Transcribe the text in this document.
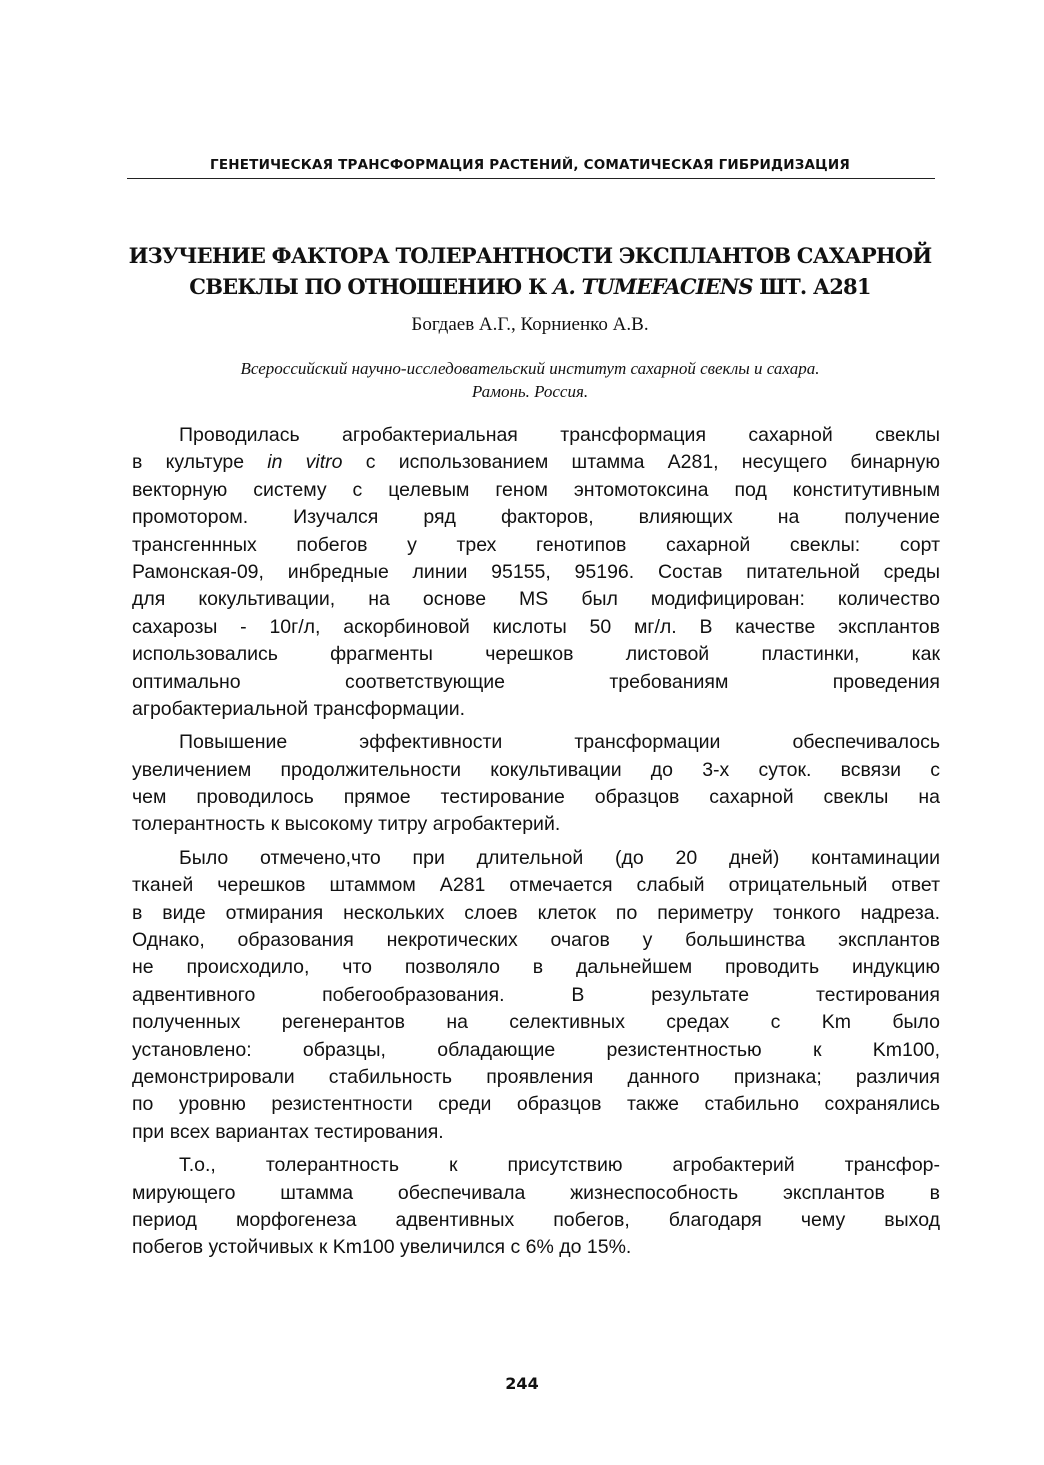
ГЕНЕТИЧЕСКАЯ ТРАНСФОРМАЦИЯ РАСТЕНИЙ, СОМАТИЧЕСКАЯ ГИБРИДИЗАЦИЯ
ИЗУЧЕНИЕ ФАКТОРА ТОЛЕРАНТНОСТИ ЭКСПЛАНТОВ САХАРНОЙ
СВЕКЛЫ ПО ОТНОШЕНИЮ К A. TUMEFACIENS ШТ. А281
Богдаев А.Г., Корниенко А.В.
Всероссийский научно-исследовательский институт сахарной свеклы и сахара.
Рамонь. Россия.
Проводилась агробактериальная трансформация сахарной свеклы
в культуре in vitro с использованием штамма А281, несущего бинарную
векторную систему с целевым геном энтомотоксина под конститутивным
промотором. Изучался ряд факторов, влияющих на получение
трансгеннных побегов у трех генотипов сахарной свеклы: сорт
Рамонская-09, инбредные линии 95155, 95196. Состав питательной среды
для кокультивации, на основе MS был модифицирован: количество
сахарозы - 10г/л, аскорбиновой кислоты 50 мг/л. В качестве эксплантов
использовались фрагменты черешков листовой пластинки, как
оптимально соответствующие требованиям проведения
агробактериальной трансформации.
Повышение эффективности трансформации обеспечивалось
увеличением продолжительности кокультивации до 3-х суток. всвязи с
чем проводилось прямое тестирование образцов сахарной свеклы на
толерантность к высокому титру агробактерий.
Было отмечено,что при длительной (до 20 дней) контаминации
тканей черешков штаммом А281 отмечается слабый отрицательный ответ
в виде отмирания нескольких слоев клеток по периметру тонкого надреза.
Однако, образования некротических очагов у большинства эксплантов
не происходило, что позволяло в дальнейшем проводить индукцию
адвентивного побегообразования. В результате тестирования
полученных регенерантов на селективных средах с Km было
установлено: образцы, обладающие резистентностью к Km100,
демонстрировали стабильность проявления данного признака; различия
по уровню резистентности среди образцов также стабильно сохранялись
при всех вариантах тестирования.
Т.о., толерантность к присутствию агробактерий трансфор-
мирующего штамма обеспечивала жизнеспособность эксплантов в
период морфогенеза адвентивных побегов, благодаря чему выход
побегов устойчивых к Km100 увеличился с 6% до 15%.
244
